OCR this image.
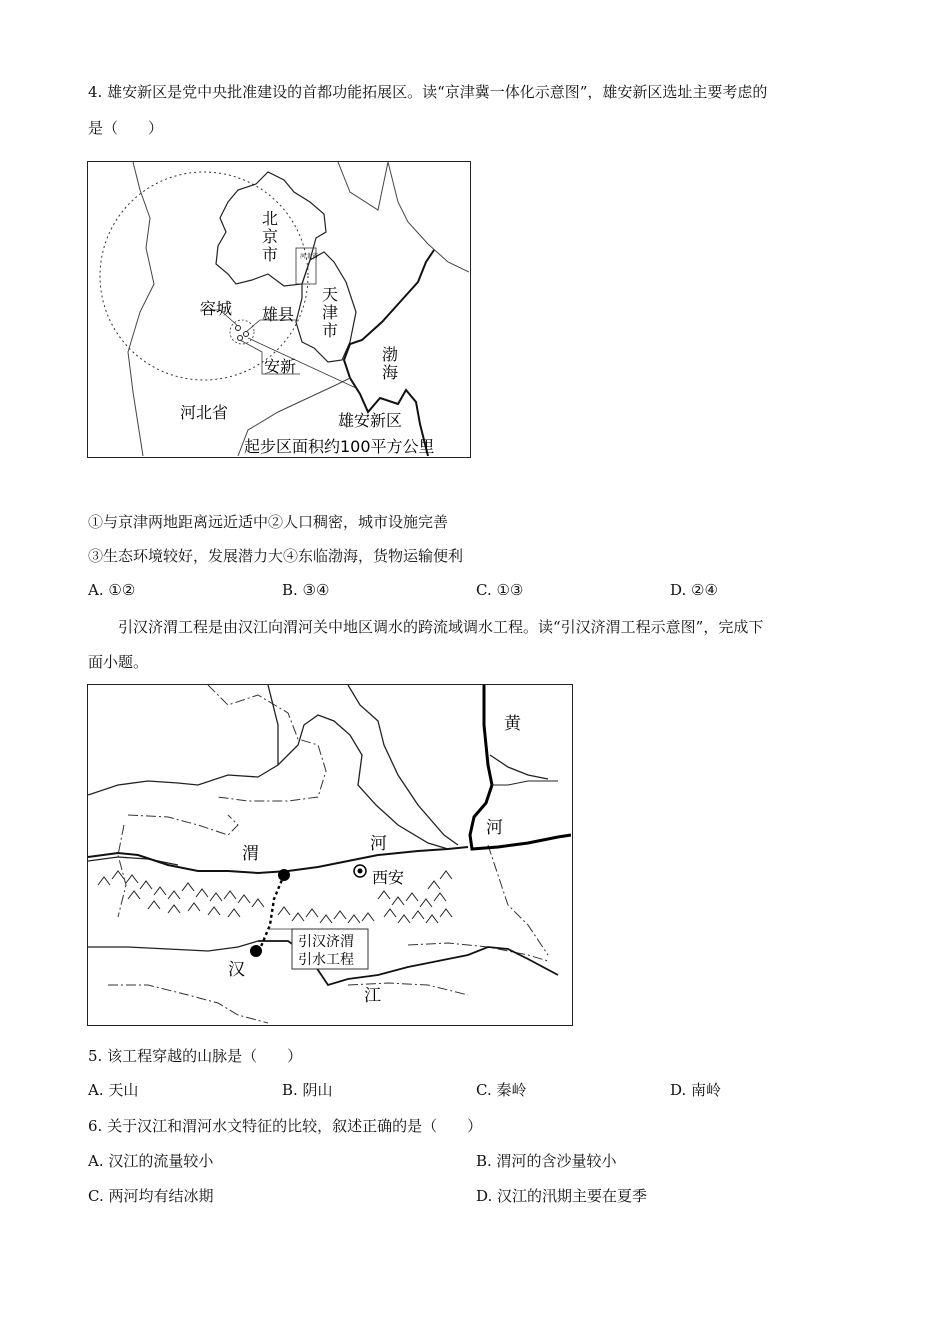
4. 雄安新区是党中央批准建设的首都功能拓展区。读“京津冀一体化示意图”，雄安新区选址主要考虑的
是（　　）
北
京
市	河北省
天
津
市
容城 雄县
安新
渤
海
河北省	雄安新区
起步区面积约100平方公里
①与京津两地距离远近适中②人口稠密，城市设施完善
③生态环境较好，发展潜力大④东临渤海，货物运输便利
A. ①②	B. ③④	C. ①③	D. ②④
引汉济渭工程是由汉江向渭河关中地区调水的跨流域调水工程。读“引汉济渭工程示意图”，完成下
面小题。
黄
河
渭	河
西安
引汉济渭
引水工程
汉
江
5. 该工程穿越的山脉是（　　）
A. 天山	B. 阴山	C. 秦岭	D. 南岭
6. 关于汉江和渭河水文特征的比较，叙述正确的是（　　）
A. 汉江的流量较小	B. 渭河的含沙量较小
C. 两河均有结冰期	D. 汉江的汛期主要在夏季
